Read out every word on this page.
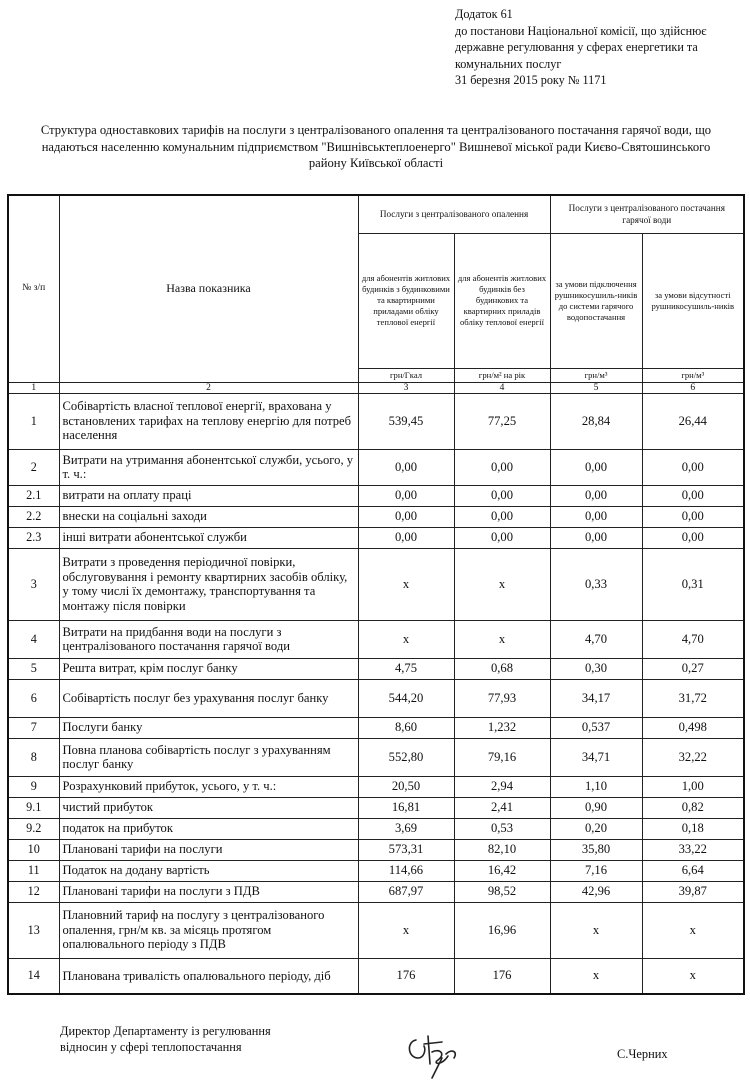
Додаток 61
до постанови Національної комісії, що здійснює
державне регулювання у сферах енергетики та
комунальних послуг
31 березня 2015 року № 1171
Структура одноставкових тарифів на послуги з централізованого опалення та централізованого постачання гарячої води, що
надаються населенню комунальним підприємством "Вишнівськтеплоенерго" Вишневої міської ради Києво-Святошинського
району Київської області
№ з/п	Назва показника	Послуги з централізованого опалення		Послуги з централізованого постачання гарячої води	
		для абонентів житлових будинків з будинковими та квартирними приладами обліку теплової енергії	для абонентів житлових будинків без будинкових та квартирних приладів обліку теплової енергії	за умови підключення рушникосушиль-ників до системи гарячого водопостачання	за умови відсутності рушникосушиль-ників
		грн/Гкал	грн/м² на рік	грн/м³	грн/м³
1	2	3	4	5	6
1	Собівартість власної теплової енергії, врахована у встановлених тарифах на теплову енергію для потреб населення	539,45	77,25	28,84	26,44
2	Витрати на утримання абонентської служби, усього, у т. ч.:	0,00	0,00	0,00	0,00
2.1	витрати на оплату праці	0,00	0,00	0,00	0,00
2.2	внески на соціальні заходи	0,00	0,00	0,00	0,00
2.3	інші витрати абонентської служби	0,00	0,00	0,00	0,00
3	Витрати з проведення періодичної повірки, обслуговування і ремонту квартирних засобів обліку, у тому числі їх демонтажу, транспортування та монтажу після повірки	x	x	0,33	0,31
4	Витрати на придбання води на послуги з централізованого постачання гарячої води	x	x	4,70	4,70
5	Решта витрат, крім послуг банку	4,75	0,68	0,30	0,27
6	Собівартість послуг без урахування послуг банку	544,20	77,93	34,17	31,72
7	Послуги банку	8,60	1,232	0,537	0,498
8	Повна планова собівартість послуг з урахуванням послуг банку	552,80	79,16	34,71	32,22
9	Розрахунковий прибуток, усього, у т. ч.:	20,50	2,94	1,10	1,00
9.1	чистий прибуток	16,81	2,41	0,90	0,82
9.2	податок на прибуток	3,69	0,53	0,20	0,18
10	Плановані тарифи на послуги	573,31	82,10	35,80	33,22
11	Податок на додану вартість	114,66	16,42	7,16	6,64
12	Плановані тарифи на послуги з ПДВ	687,97	98,52	42,96	39,87
13	Плановний тариф на послугу з централізованого опалення, грн/м кв. за місяць протягом опалювального періоду з ПДВ	x	16,96	x	x
14	Планована тривалість опалювального періоду, діб	176	176	x	x
Директор Департаменту із регулювання
відносин у сфері теплопостачання	С.Черних
